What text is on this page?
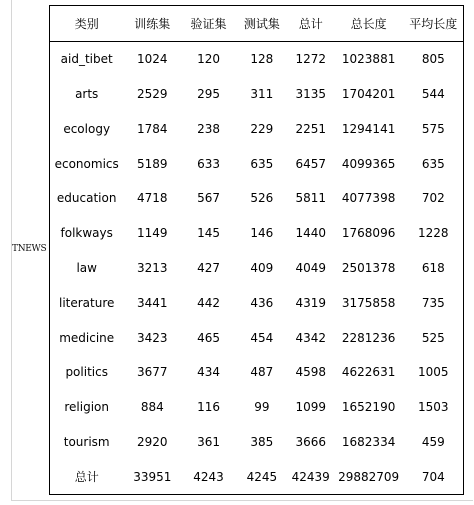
TNEWS
类别	训练集	验证集	测试集	总计	总长度	平均长度
aid_tibet	1024	120	128	1272	1023881	805
arts	2529	295	311	3135	1704201	544
ecology	1784	238	229	2251	1294141	575
economics	5189	633	635	6457	4099365	635
education	4718	567	526	5811	4077398	702
folkways	1149	145	146	1440	1768096	1228
law	3213	427	409	4049	2501378	618
literature	3441	442	436	4319	3175858	735
medicine	3423	465	454	4342	2281236	525
politics	3677	434	487	4598	4622631	1005
religion	884	116	99	1099	1652190	1503
tourism	2920	361	385	3666	1682334	459
总计	33951	4243	4245	42439	29882709	704
